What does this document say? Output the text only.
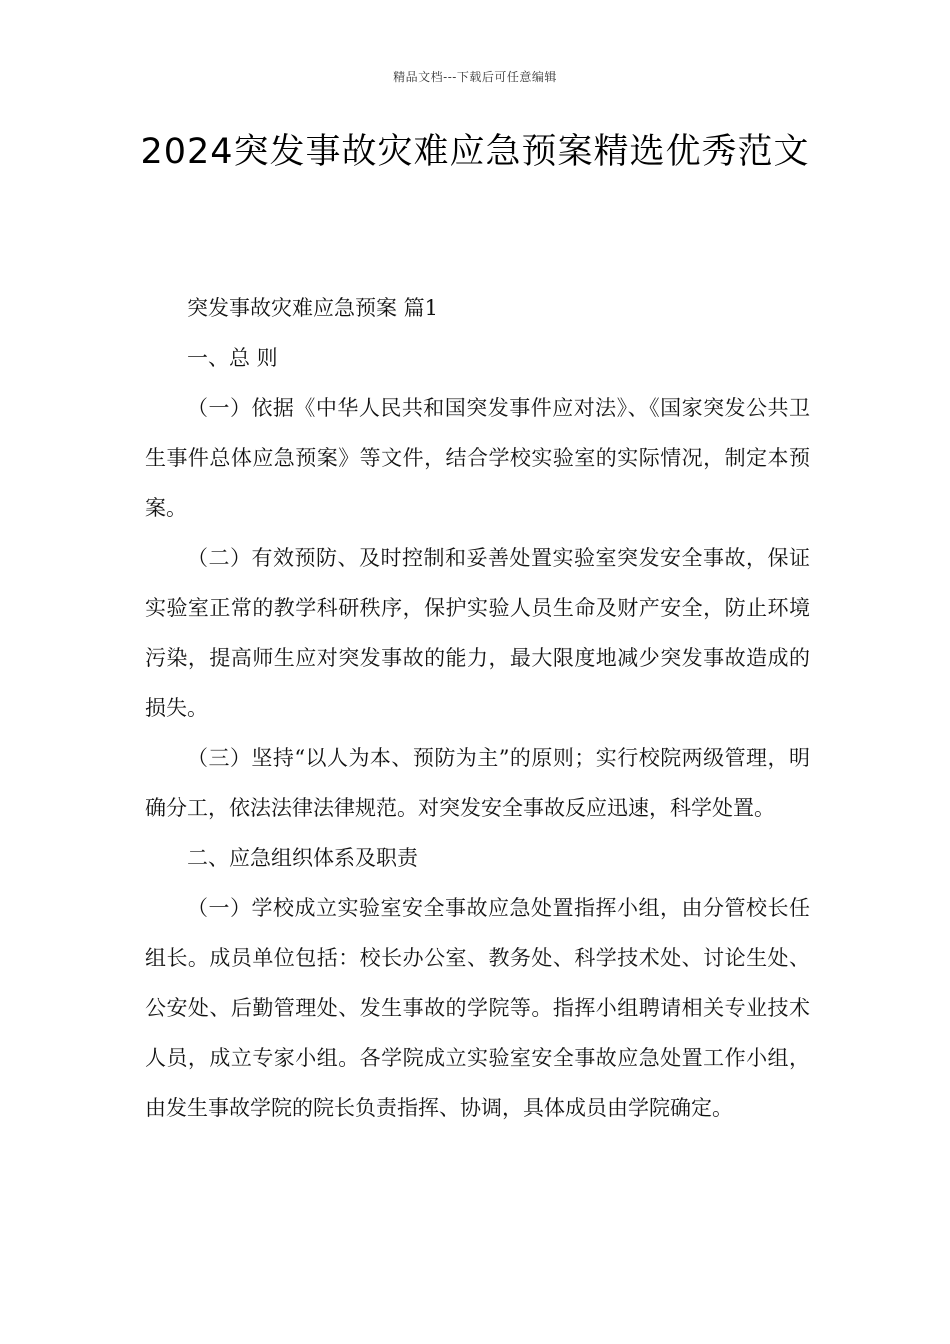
精品文档---下载后可任意编辑
2024突发事故灾难应急预案精选优秀范文

突发事故灾难应急预案 篇1

一、总 则

（一）依据《中华人民共和国突发事件应对法》、《国家突发公共卫生事件总体应急预案》等文件，结合学校实验室的实际情况，制定本预案。

（二）有效预防、及时控制和妥善处置实验室突发安全事故，保证实验室正常的教学科研秩序，保护实验人员生命及财产安全，防止环境污染，提高师生应对突发事故的能力，最大限度地减少突发事故造成的损失。

（三）坚持“以人为本、预防为主”的原则；实行校院两级管理，明确分工，依法法律法律规范。对突发安全事故反应迅速，科学处置。

二、应急组织体系及职责

（一）学校成立实验室安全事故应急处置指挥小组，由分管校长任组长。成员单位包括：校长办公室、教务处、科学技术处、讨论生处、公安处、后勤管理处、发生事故的学院等。指挥小组聘请相关专业技术人员，成立专家小组。各学院成立实验室安全事故应急处置工作小组，由发生事故学院的院长负责指挥、协调，具体成员由学院确定。
